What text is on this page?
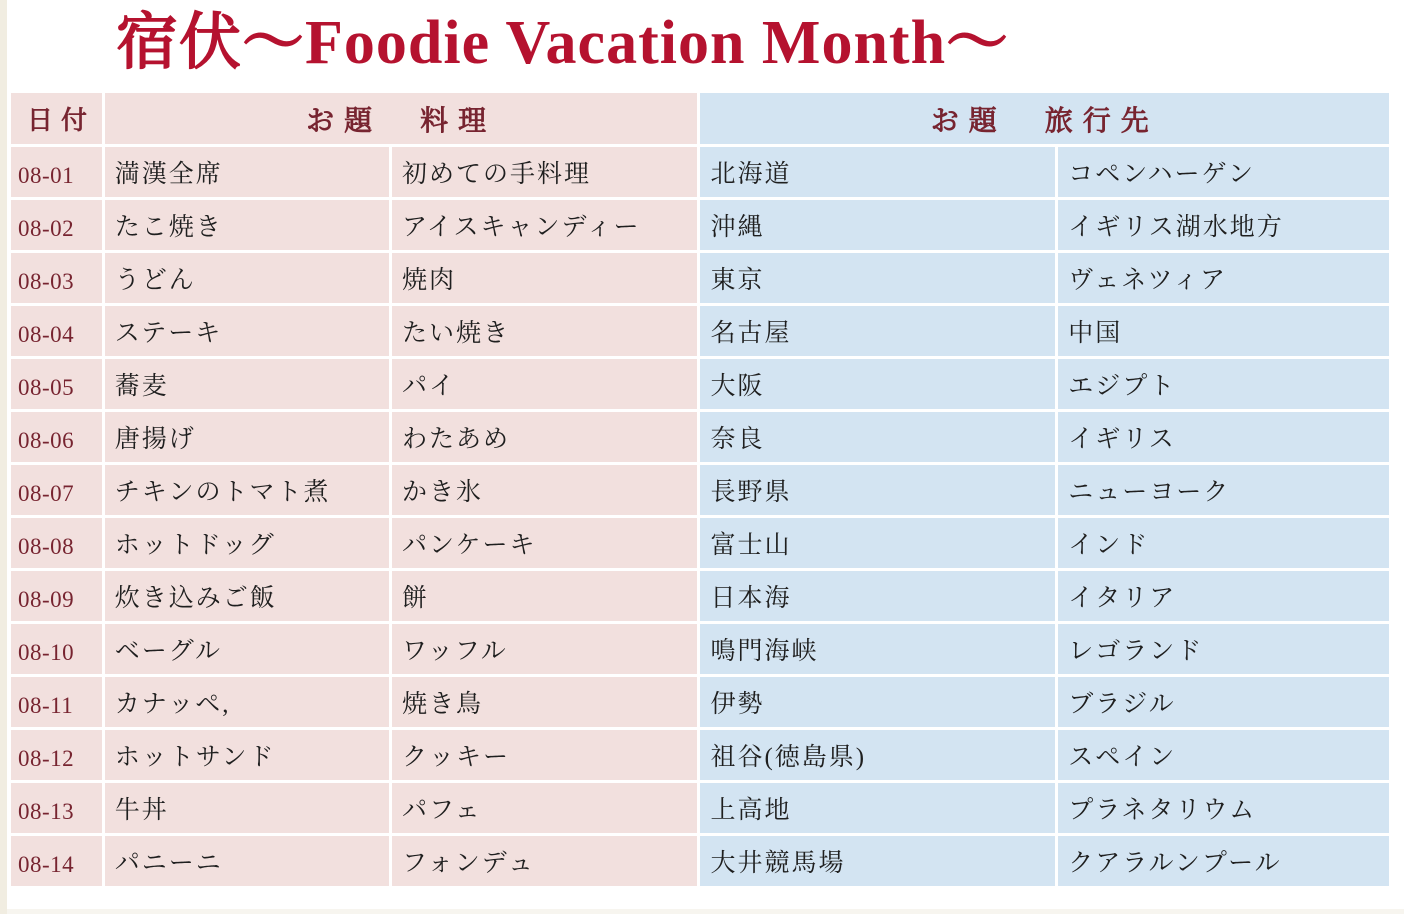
宿伏～Foodie Vacation Month～
日付	お題　料理		お題　旅行先	
08-01	満漢全席	初めての手料理	北海道	コペンハーゲン
08-02	たこ焼き	アイスキャンディー	沖縄	イギリス湖水地方
08-03	うどん	焼肉	東京	ヴェネツィア
08-04	ステーキ	たい焼き	名古屋	中国
08-05	蕎麦	パイ	大阪	エジプト
08-06	唐揚げ	わたあめ	奈良	イギリス
08-07	チキンのトマト煮	かき氷	長野県	ニューヨーク
08-08	ホットドッグ	パンケーキ	富士山	インド
08-09	炊き込みご飯	餅	日本海	イタリア
08-10	ベーグル	ワッフル	鳴門海峡	レゴランド
08-11	カナッペ,	焼き鳥	伊勢	ブラジル
08-12	ホットサンド	クッキー	祖谷(徳島県)	スペイン
08-13	牛丼	パフェ	上高地	プラネタリウム
08-14	パニーニ	フォンデュ	大井競馬場	クアラルンプール
